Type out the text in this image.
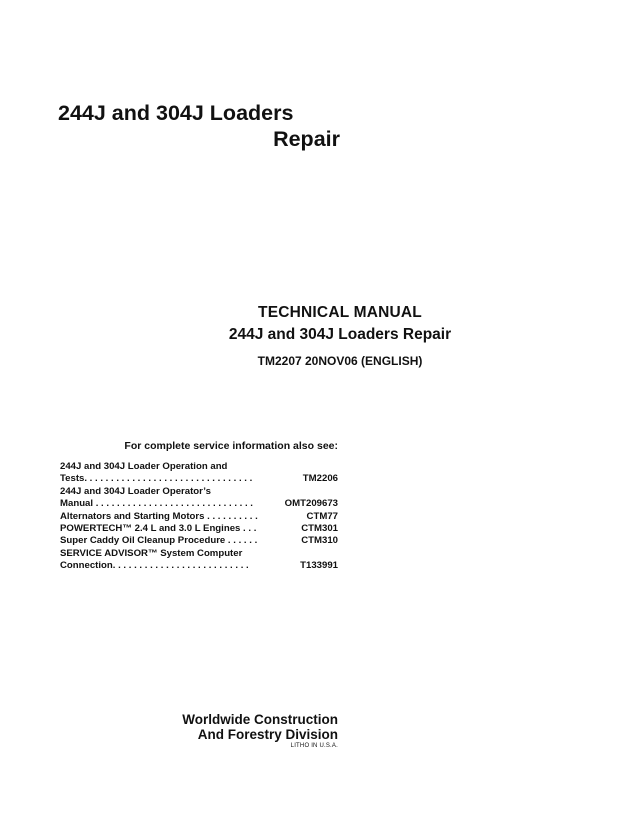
244J and 304J Loaders
Repair
TECHNICAL MANUAL
244J and 304J Loaders Repair
TM2207 20NOV06 (ENGLISH)
For complete service information also see:
244J and 304J Loader Operation and
Tests. . . . . . . . . . . . . . . . . . . . . . . . . . . . . . . .	TM2206
244J and 304J Loader Operator’s
Manual . . . . . . . . . . . . . . . . . . . . . . . . . . . . . .	OMT209673
Alternators and Starting Motors . . . . . . . . . .	CTM77
POWERTECH™ 2.4 L and 3.0 L Engines . . .	CTM301
Super Caddy Oil Cleanup Procedure . . . . . .	CTM310
SERVICE ADVISOR™ System Computer
Connection. . . . . . . . . . . . . . . . . . . . . . . . . .	T133991
Worldwide Construction
And Forestry Division
LITHO IN U.S.A.
